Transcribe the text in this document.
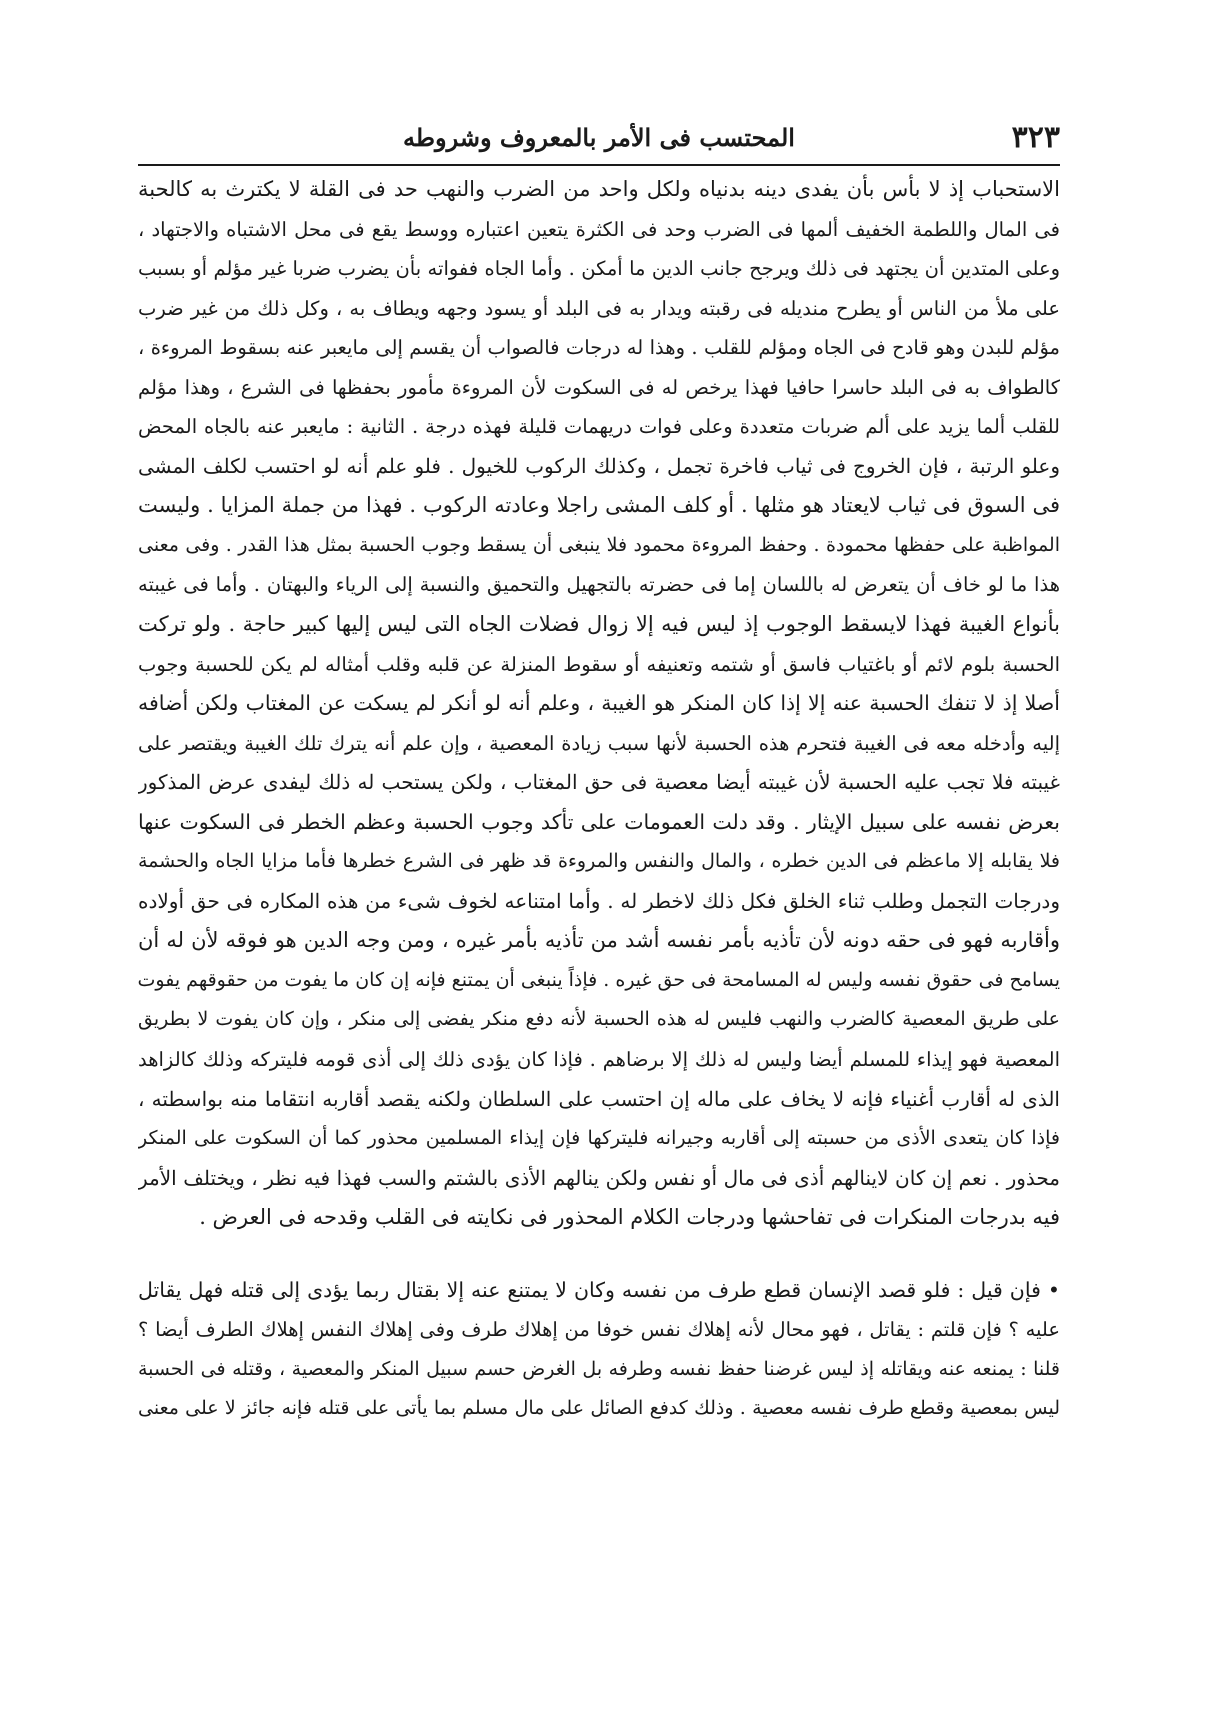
٣٢٣
المحتسب فى الأمر بالمعروف وشروطه
الاستحباب إذ لا بأس بأن يفدى دينه بدنياه ولكل واحد من الضرب والنهب حد فى القلة لا يكترث به كالحبة
فى المال واللطمة الخفيف ألمها فى الضرب وحد فى الكثرة يتعين اعتباره ووسط يقع فى محل الاشتباه والاجتهاد ،
وعلى المتدين أن يجتهد فى ذلك ويرجح جانب الدين ما أمكن . وأما الجاه ففواته بأن يضرب ضربا غير مؤلم أو بسبب
على ملأ من الناس أو يطرح منديله فى رقبته ويدار به فى البلد أو يسود وجهه ويطاف به ، وكل ذلك من غير ضرب
مؤلم للبدن وهو قادح فى الجاه ومؤلم للقلب . وهذا له درجات فالصواب أن يقسم إلى مايعبر عنه بسقوط المروءة ،
كالطواف به فى البلد حاسرا حافيا فهذا يرخص له فى السكوت لأن المروءة مأمور بحفظها فى الشرع ، وهذا مؤلم
للقلب ألما يزيد على ألم ضربات متعددة وعلى فوات دريهمات قليلة فهذه درجة . الثانية : مايعبر عنه بالجاه المحض
وعلو الرتبة ، فإن الخروج فى ثياب فاخرة تجمل ، وكذلك الركوب للخيول . فلو علم أنه لو احتسب لكلف المشى
فى السوق فى ثياب لايعتاد هو مثلها . أو كلف المشى راجلا وعادته الركوب . فهذا من جملة المزايا . وليست
المواظبة على حفظها محمودة . وحفظ المروءة محمود فلا ينبغى أن يسقط وجوب الحسبة بمثل هذا القدر . وفى معنى
هذا ما لو خاف أن يتعرض له باللسان إما فى حضرته بالتجهيل والتحميق والنسبة إلى الرياء والبهتان . وأما فى غيبته
بأنواع الغيبة فهذا لايسقط الوجوب إذ ليس فيه إلا زوال فضلات الجاه التى ليس إليها كبير حاجة . ولو تركت
الحسبة بلوم لائم أو باغتياب فاسق أو شتمه وتعنيفه أو سقوط المنزلة عن قلبه وقلب أمثاله لم يكن للحسبة وجوب
أصلا إذ لا تنفك الحسبة عنه إلا إذا كان المنكر هو الغيبة ، وعلم أنه لو أنكر لم يسكت عن المغتاب ولكن أضافه
إليه وأدخله معه فى الغيبة فتحرم هذه الحسبة لأنها سبب زيادة المعصية ، وإن علم أنه يترك تلك الغيبة ويقتصر على
غيبته فلا تجب عليه الحسبة لأن غيبته أيضا معصية فى حق المغتاب ، ولكن يستحب له ذلك ليفدى عرض المذكور
بعرض نفسه على سبيل الإيثار . وقد دلت العمومات على تأكد وجوب الحسبة وعظم الخطر فى السكوت عنها
فلا يقابله إلا ماعظم فى الدين خطره ، والمال والنفس والمروءة قد ظهر فى الشرع خطرها فأما مزايا الجاه والحشمة
ودرجات التجمل وطلب ثناء الخلق فكل ذلك لاخطر له . وأما امتناعه لخوف شىء من هذه المكاره فى حق أولاده
وأقاربه فهو فى حقه دونه لأن تأذيه بأمر نفسه أشد من تأذيه بأمر غيره ، ومن وجه الدين هو فوقه لأن له أن
يسامح فى حقوق نفسه وليس له المسامحة فى حق غيره . فإذاً ينبغى أن يمتنع فإنه إن كان ما يفوت من حقوقهم يفوت
على طريق المعصية كالضرب والنهب فليس له هذه الحسبة لأنه دفع منكر يفضى إلى منكر ، وإن كان يفوت لا بطريق
المعصية فهو إيذاء للمسلم أيضا وليس له ذلك إلا برضاهم . فإذا كان يؤدى ذلك إلى أذى قومه فليتركه وذلك كالزاهد
الذى له أقارب أغنياء فإنه لا يخاف على ماله إن احتسب على السلطان ولكنه يقصد أقاربه انتقاما منه بواسطته ،
فإذا كان يتعدى الأذى من حسبته إلى أقاربه وجيرانه فليتركها فإن إيذاء المسلمين محذور كما أن السكوت على المنكر
محذور . نعم إن كان لاينالهم أذى فى مال أو نفس ولكن ينالهم الأذى بالشتم والسب فهذا فيه نظر ، ويختلف الأمر
فيه بدرجات المنكرات فى تفاحشها ودرجات الكلام المحذور فى نكايته فى القلب وقدحه فى العرض .
• فإن قيل : فلو قصد الإنسان قطع طرف من نفسه وكان لا يمتنع عنه إلا بقتال ربما يؤدى إلى قتله فهل يقاتل
عليه ؟ فإن قلتم : يقاتل ، فهو محال لأنه إهلاك نفس خوفا من إهلاك طرف وفى إهلاك النفس إهلاك الطرف أيضا ؟
قلنا : يمنعه عنه ويقاتله إذ ليس غرضنا حفظ نفسه وطرفه بل الغرض حسم سبيل المنكر والمعصية ، وقتله فى الحسبة
ليس بمعصية وقطع طرف نفسه معصية . وذلك كدفع الصائل على مال مسلم بما يأتى على قتله فإنه جائز لا على معنى
